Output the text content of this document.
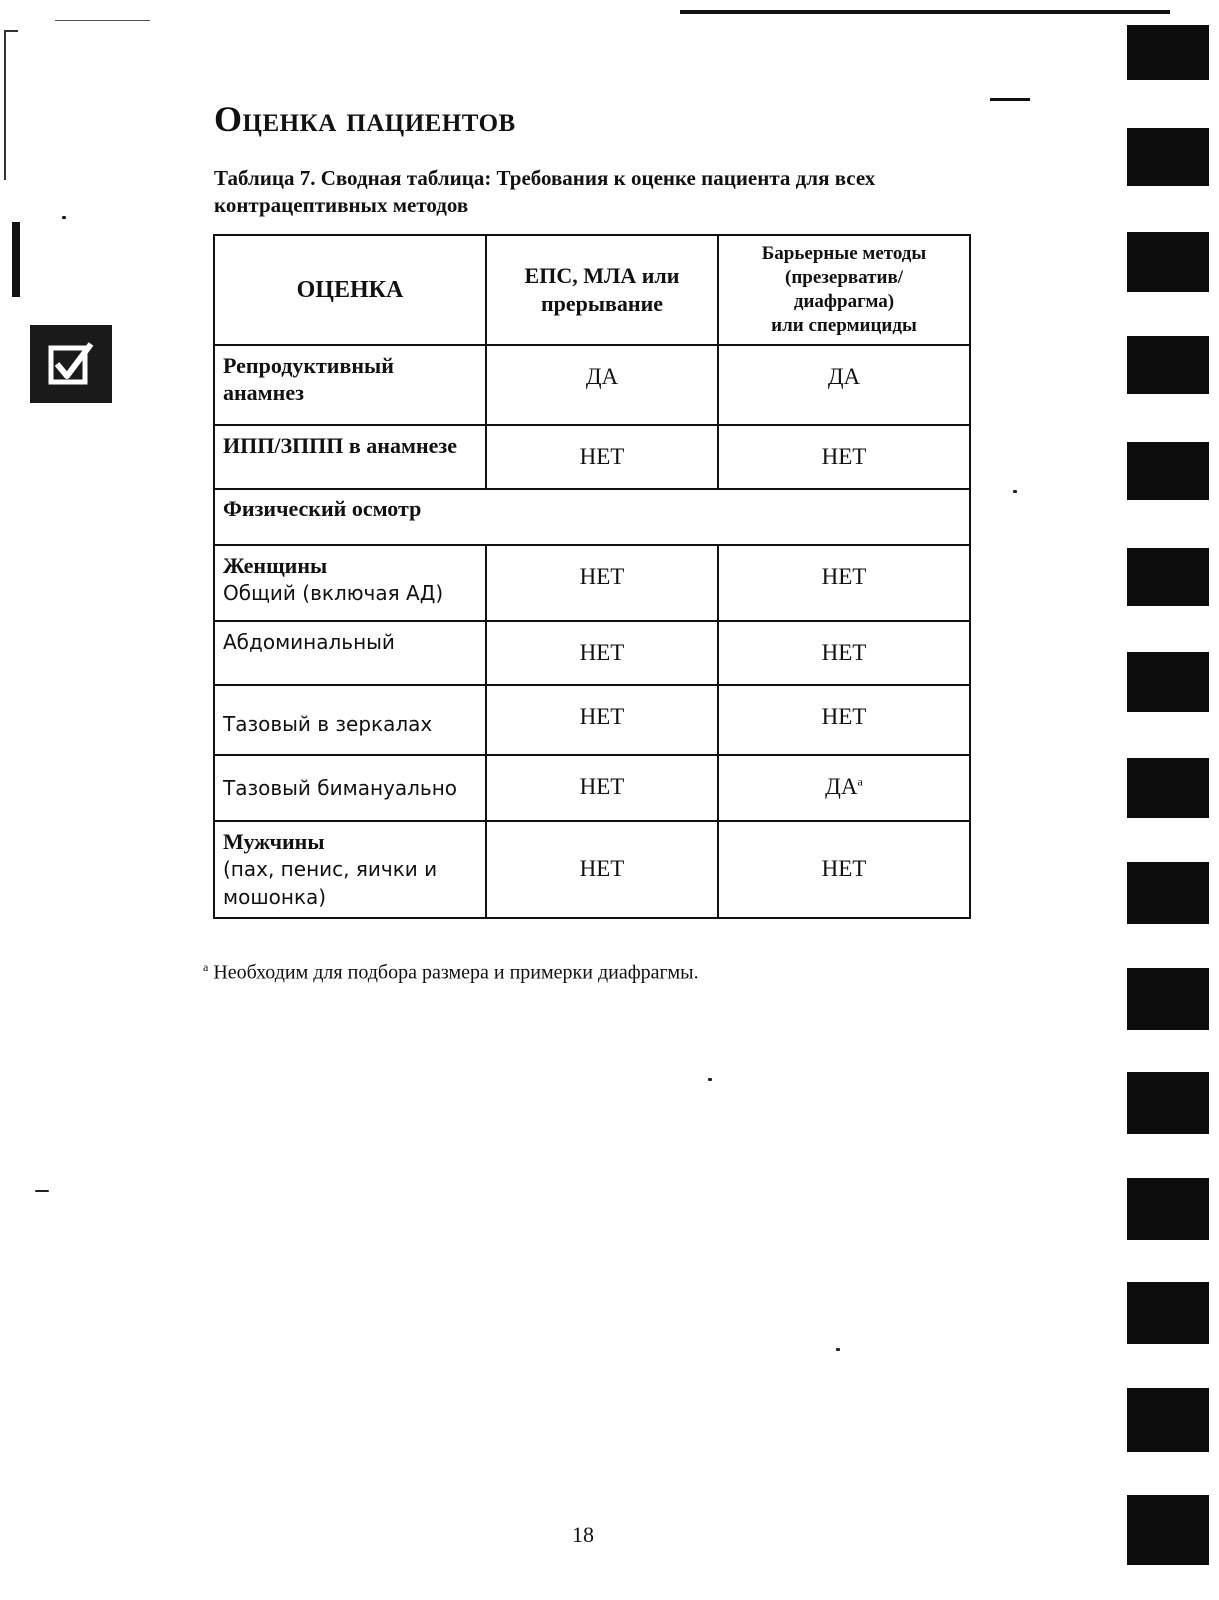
Оценка пациентов

Таблица 7. Сводная таблица: Требования к оценке пациента для всех контрацептивных методов

ОЦЕНКА	ЕПС, МЛА или прерывание	Барьерные методы
(презерватив/
диафрагма)
или спермициды

Репродуктивный анамнез	ДА	ДА
ИПП/ЗППП в анамнезе	НЕТ	НЕТ
Физический осмотр		

Женщины
Общий (включая АД)	НЕТ	НЕТ
Абдоминальный	НЕТ	НЕТ
Тазовый в зеркалах	НЕТ	НЕТ
Тазовый бимануально	НЕТ	ДА$^a$

Мужчины
(пах, пенис, яички и мошонка)	НЕТ	НЕТ

$^a$ Необходим для подбора размера и примерки диафрагмы.

18
